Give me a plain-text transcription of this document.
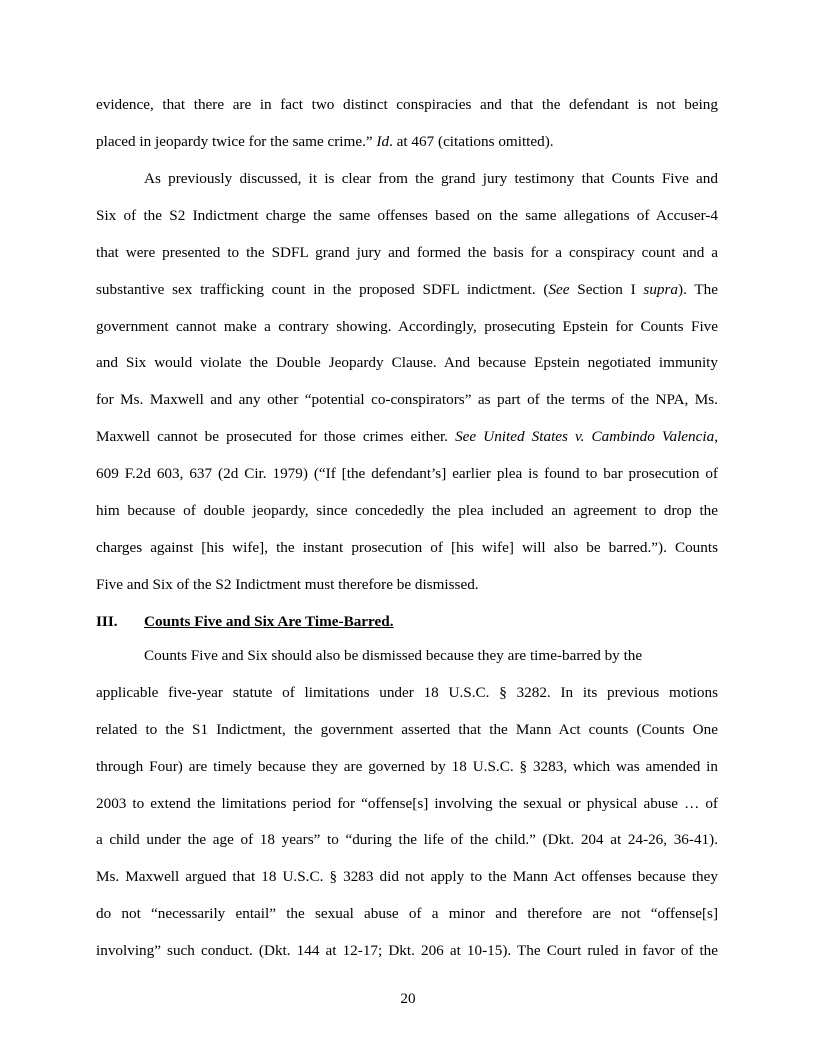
evidence, that there are in fact two distinct conspiracies and that the defendant is not being
placed in jeopardy twice for the same crime.” Id. at 467 (citations omitted).
As previously discussed, it is clear from the grand jury testimony that Counts Five and
Six of the S2 Indictment charge the same offenses based on the same allegations of Accuser-4
that were presented to the SDFL grand jury and formed the basis for a conspiracy count and a
substantive sex trafficking count in the proposed SDFL indictment. (See Section I supra). The
government cannot make a contrary showing. Accordingly, prosecuting Epstein for Counts Five
and Six would violate the Double Jeopardy Clause. And because Epstein negotiated immunity
for Ms. Maxwell and any other “potential co-conspirators” as part of the terms of the NPA, Ms.
Maxwell cannot be prosecuted for those crimes either. See United States v. Cambindo Valencia,
609 F.2d 603, 637 (2d Cir. 1979) (“If [the defendant’s] earlier plea is found to bar prosecution of
him because of double jeopardy, since concededly the plea included an agreement to drop the
charges against [his wife], the instant prosecution of [his wife] will also be barred.”). Counts
Five and Six of the S2 Indictment must therefore be dismissed.
III. Counts Five and Six Are Time-Barred.
Counts Five and Six should also be dismissed because they are time-barred by the
applicable five-year statute of limitations under 18 U.S.C. § 3282. In its previous motions
related to the S1 Indictment, the government asserted that the Mann Act counts (Counts One
through Four) are timely because they are governed by 18 U.S.C. § 3283, which was amended in
2003 to extend the limitations period for “offense[s] involving the sexual or physical abuse … of
a child under the age of 18 years” to “during the life of the child.” (Dkt. 204 at 24-26, 36-41).
Ms. Maxwell argued that 18 U.S.C. § 3283 did not apply to the Mann Act offenses because they
do not “necessarily entail” the sexual abuse of a minor and therefore are not “offense[s]
involving” such conduct. (Dkt. 144 at 12-17; Dkt. 206 at 10-15). The Court ruled in favor of the
20
